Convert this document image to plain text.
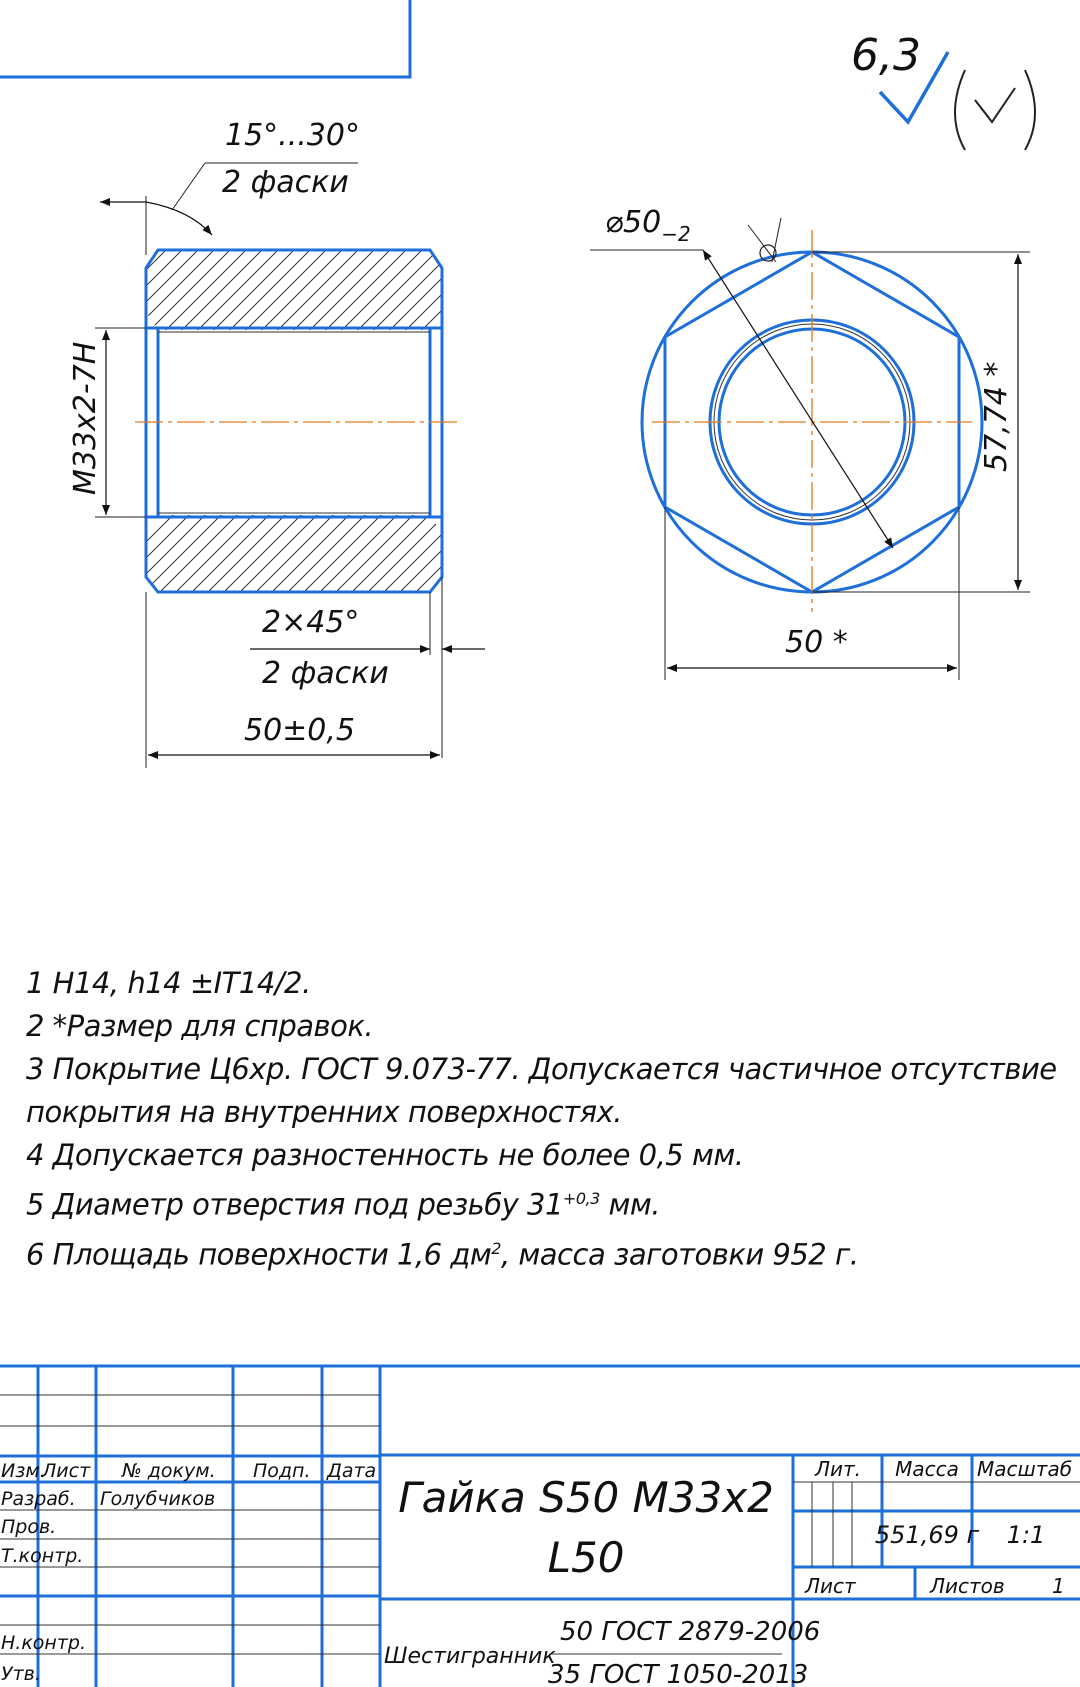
6,3
M33x2-7H
15°...30°
2 фаски
2×45°
2 фаски
50±0,5
$⌀50_{-2}$
57,74 *
50 *
Изм.
Лист № докум. Подп. Дата
Разраб. Голубчиков
Пров.
Т.контр.
Н.контр.
Утв.
Гайка S50 M33x2
L50
Лит. Масса Масштаб
551,69 г 1:1
Лист	Листов 1
Шестигранник
50 ГОСТ 2879-2006
35 ГОСТ 1050-2013
1 H14, h14 ±IT14/2.
2 *Размер для справок.
3 Покрытие Ц6хр. ГОСТ 9.073-77. Допускается частичное отсутствие
покрытия на внутренних поверхностях.
4 Допускается разностенность не более 0,5 мм.
5 Диаметр отверстия под резьбу $31^{+0,3}$ мм.
6 Площадь поверхности 1,6 $дм^2$, масса заготовки 952 г.
